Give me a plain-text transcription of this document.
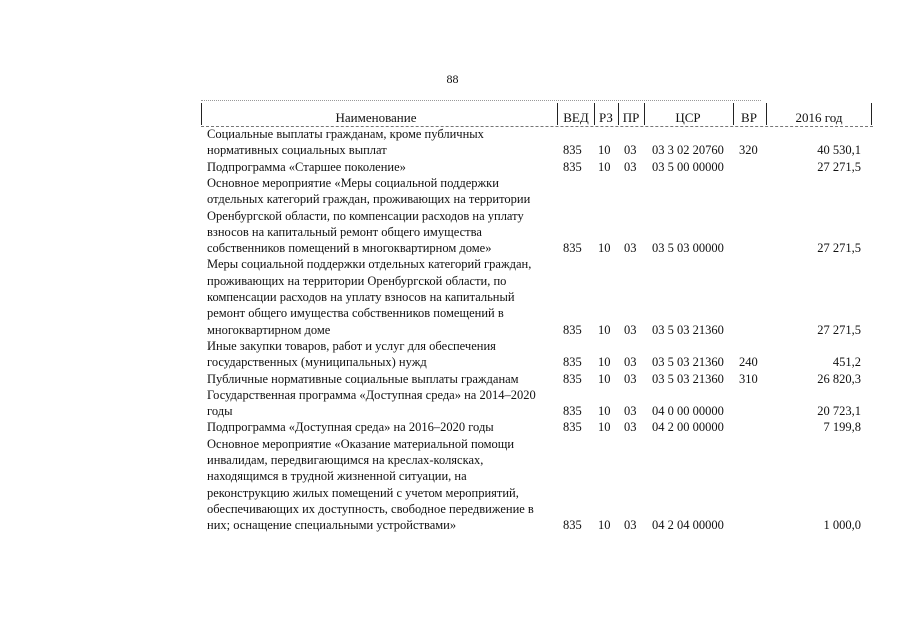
88
Наименование	ВЕД РЗ ПР	ЦСР	ВР	2016 год
Социальные выплаты гражданам, кроме публичных
нормативных социальных выплат	835 10 03 03 3 02 20760 320	40 530,1
Подпрограмма «Старшее поколение»	835 10 03 03 5 00 00000	27 271,5
Основное мероприятие «Меры социальной поддержки
отдельных категорий граждан, проживающих на территории
Оренбургской области, по компенсации расходов на уплату
взносов на капитальный ремонт общего имущества
собственников помещений в многоквартирном доме»	835 10 03 03 5 03 00000	27 271,5
Меры социальной поддержки отдельных категорий граждан,
проживающих на территории Оренбургской области, по
компенсации расходов на уплату взносов на капитальный
ремонт общего имущества собственников помещений в
многоквартирном доме	835 10 03 03 5 03 21360	27 271,5
Иные закупки товаров, работ и услуг для обеспечения
государственных (муниципальных) нужд	835 10 03 03 5 03 21360 240	451,2
Публичные нормативные социальные выплаты гражданам	835 10 03 03 5 03 21360 310	26 820,3
Государственная программа «Доступная среда» на 2014–2020
годы	835 10 03 04 0 00 00000	20 723,1
Подпрограмма «Доступная среда» на 2016–2020 годы	835 10 03 04 2 00 00000	7 199,8
Основное мероприятие «Оказание материальной помощи
инвалидам, передвигающимся на креслах-колясках,
находящимся в трудной жизненной ситуации, на
реконструкцию жилых помещений с учетом мероприятий,
обеспечивающих их доступность, свободное передвижение в
них; оснащение специальными устройствами»	835 10 03 04 2 04 00000	1 000,0
